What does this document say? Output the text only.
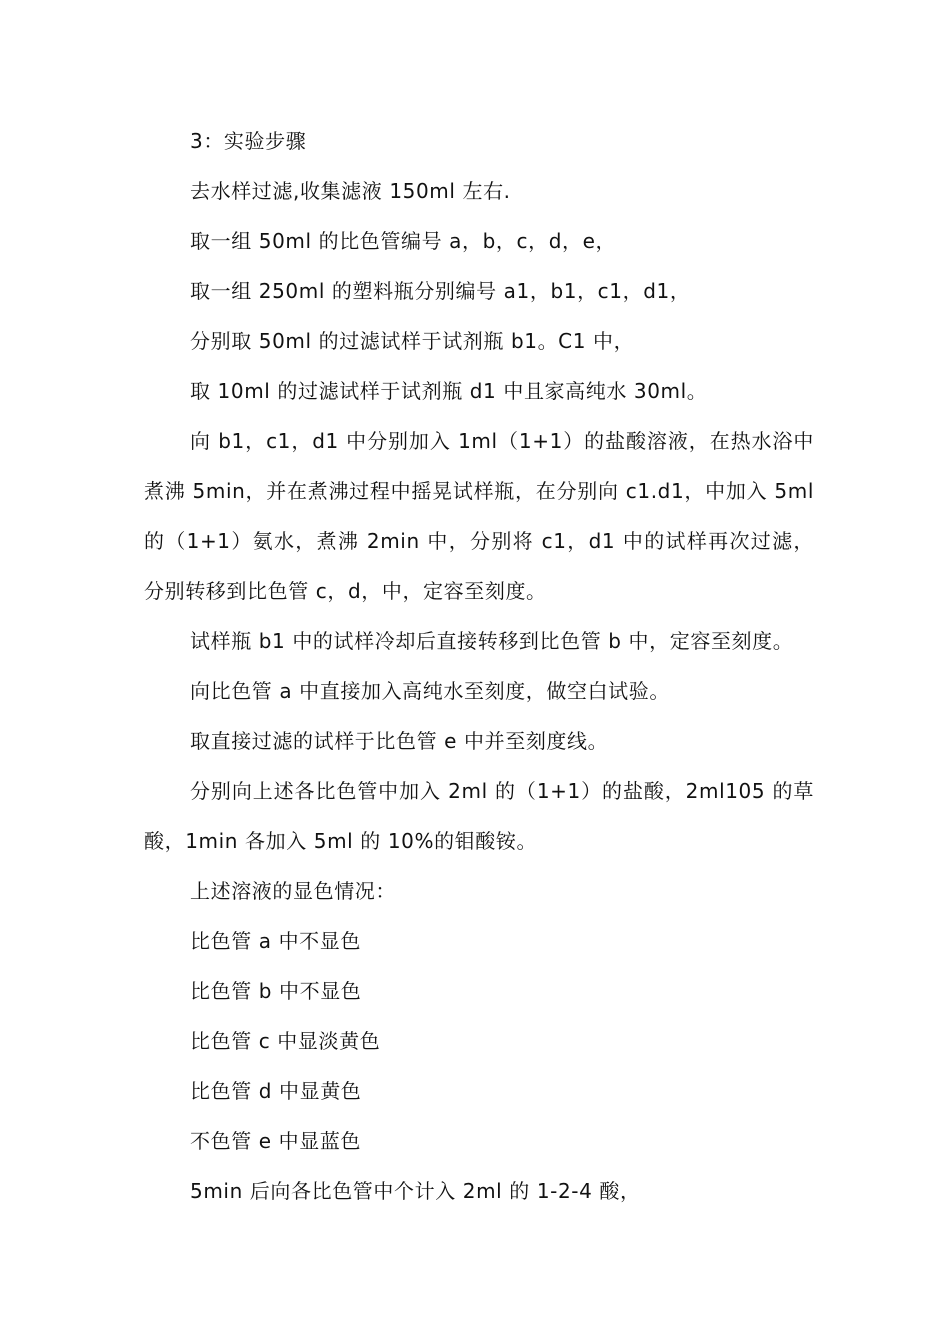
3：实验步骤

去水样过滤,收集滤液 150ml 左右.

取一组 50ml 的比色管编号 a，b，c，d，e，

取一组 250ml 的塑料瓶分别编号 a1，b1，c1，d1，

分别取 50ml 的过滤试样于试剂瓶 b1。C1 中，

取 10ml 的过滤试样于试剂瓶 d1 中且家高纯水 30ml。

向 b1，c1，d1 中分别加入 1ml（1+1）的盐酸溶液，在热水浴中煮沸 5min，并在煮沸过程中摇晃试样瓶，在分别向 c1.d1，中加入 5ml 的（1+1）氨水，煮沸 2min 中，分别将 c1，d1 中的试样再次过滤，分别转移到比色管 c，d，中，定容至刻度。

试样瓶 b1 中的试样冷却后直接转移到比色管 b 中，定容至刻度。

向比色管 a 中直接加入高纯水至刻度，做空白试验。

取直接过滤的试样于比色管 e 中并至刻度线。

分别向上述各比色管中加入 2ml 的（1+1）的盐酸，2ml105 的草酸，1min 各加入 5ml 的 10%的钼酸铵。

上述溶液的显色情况：

比色管 a 中不显色

比色管 b 中不显色

比色管 c 中显淡黄色

比色管 d 中显黄色

不色管 e 中显蓝色

5min 后向各比色管中个计入 2ml 的 1-2-4 酸，
